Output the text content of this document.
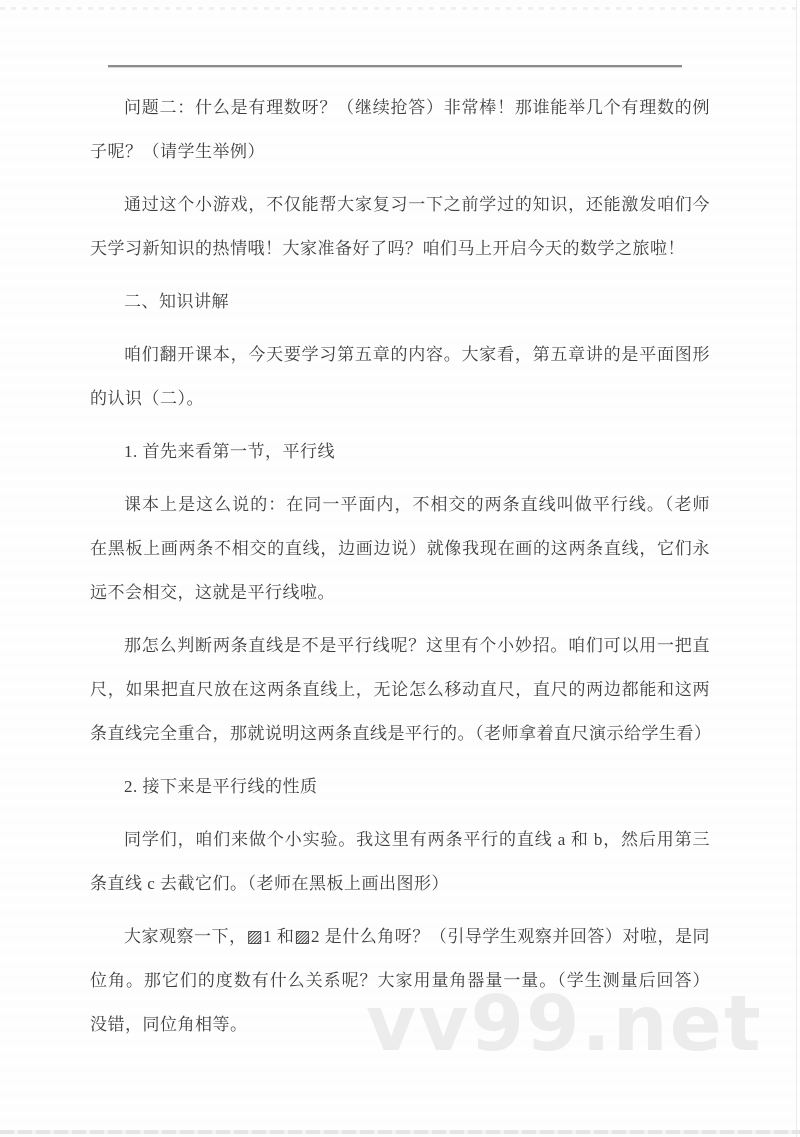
问题二：什么是有理数呀？（继续抢答）非常棒！那谁能举几个有理数的例子呢？（请学生举例）

通过这个小游戏，不仅能帮大家复习一下之前学过的知识，还能激发咱们今天学习新知识的热情哦！大家准备好了吗？咱们马上开启今天的数学之旅啦！

二、知识讲解

咱们翻开课本，今天要学习第五章的内容。大家看，第五章讲的是平面图形的认识（二）。

1. 首先来看第一节，平行线

课本上是这么说的：在同一平面内，不相交的两条直线叫做平行线。（老师在黑板上画两条不相交的直线，边画边说）就像我现在画的这两条直线，它们永远不会相交，这就是平行线啦。

那怎么判断两条直线是不是平行线呢？这里有个小妙招。咱们可以用一把直尺，如果把直尺放在这两条直线上，无论怎么移动直尺，直尺的两边都能和这两条直线完全重合，那就说明这两条直线是平行的。（老师拿着直尺演示给学生看）

2. 接下来是平行线的性质

同学们，咱们来做个小实验。我这里有两条平行的直线 a 和 b，然后用第三条直线 c 去截它们。（老师在黑板上画出图形）

大家观察一下，▨1 和▨2 是什么角呀？（引导学生观察并回答）对啦，是同位角。那它们的度数有什么关系呢？大家用量角器量一量。（学生测量后回答）没错，同位角相等。	vv99.net
